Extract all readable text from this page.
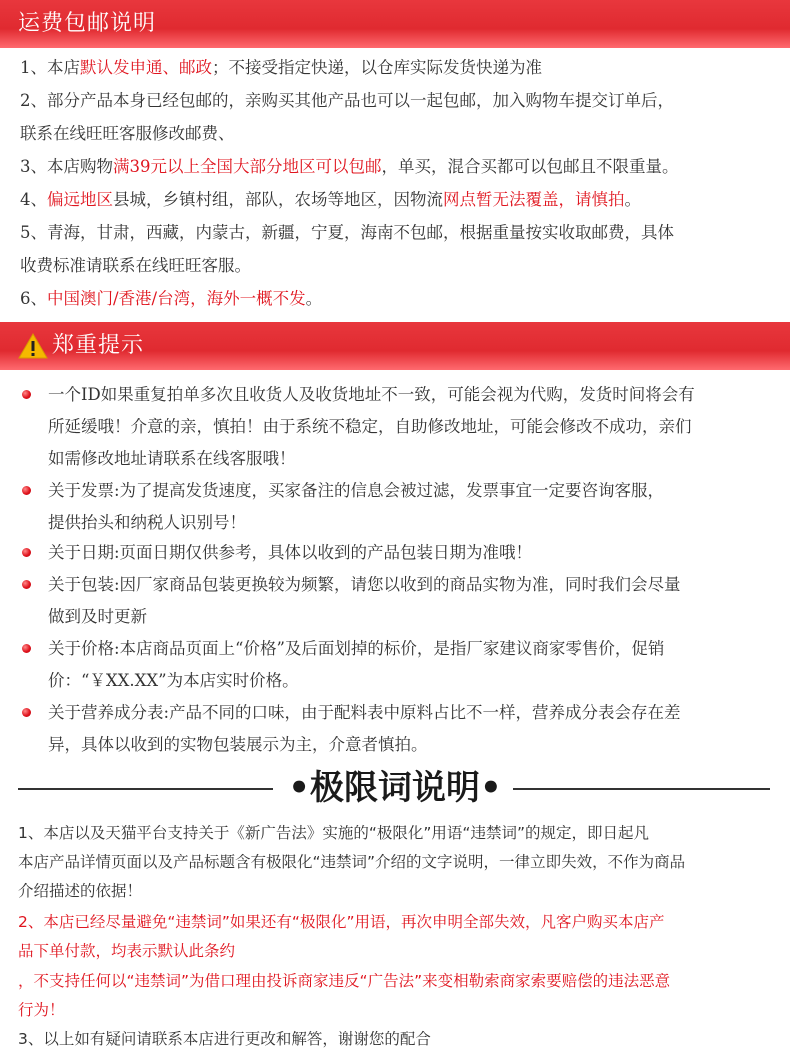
运费包邮说明
1、本店默认发申通、邮政；不接受指定快递，以仓库实际发货快递为准
2、部分产品本身已经包邮的，亲购买其他产品也可以一起包邮，加入购物车提交订单后，
联系在线旺旺客服修改邮费、
3、本店购物满39元以上全国大部分地区可以包邮，单买，混合买都可以包邮且不限重量。
4、偏远地区县城，乡镇村组，部队，农场等地区，因物流网点暂无法覆盖，请慎拍。
5、青海，甘肃，西藏，内蒙古，新疆，宁夏，海南不包邮，根据重量按实收取邮费，具体
收费标准请联系在线旺旺客服。
6、中国澳门/香港/台湾，海外一概不发。
郑重提示
一个ID如果重复拍单多次且收货人及收货地址不一致，可能会视为代购，发货时间将会有
所延缓哦！介意的亲，慎拍！由于系统不稳定，自助修改地址，可能会修改不成功，亲们
如需修改地址请联系在线客服哦！
关于发票:为了提高发货速度，买家备注的信息会被过滤，发票事宜一定要咨询客服，
提供抬头和纳税人识别号！
关于日期:页面日期仅供参考，具体以收到的产品包装日期为准哦！
关于包装:因厂家商品包装更换较为频繁，请您以收到的商品实物为准，同时我们会尽量
做到及时更新
关于价格:本店商品页面上“价格”及后面划掉的标价，是指厂家建议商家零售价，促销
价：“￥XX.XX”为本店实时价格。
关于营养成分表:产品不同的口味，由于配料表中原料占比不一样，营养成分表会存在差
异，具体以收到的实物包装展示为主，介意者慎拍。
•极限词说明•
1、本店以及天猫平台支持关于《新广告法》实施的“极限化”用语“违禁词”的规定，即日起凡
本店产品详情页面以及产品标题含有极限化“违禁词”介绍的文字说明，一律立即失效，不作为商品
介绍描述的依据！
2、本店已经尽量避免“违禁词”如果还有“极限化”用语，再次申明全部失效，凡客户购买本店产
品下单付款，均表示默认此条约
，不支持任何以“违禁词”为借口理由投诉商家违反“广告法”来变相勒索商家索要赔偿的违法恶意
行为！
3、以上如有疑问请联系本店进行更改和解答，谢谢您的配合
